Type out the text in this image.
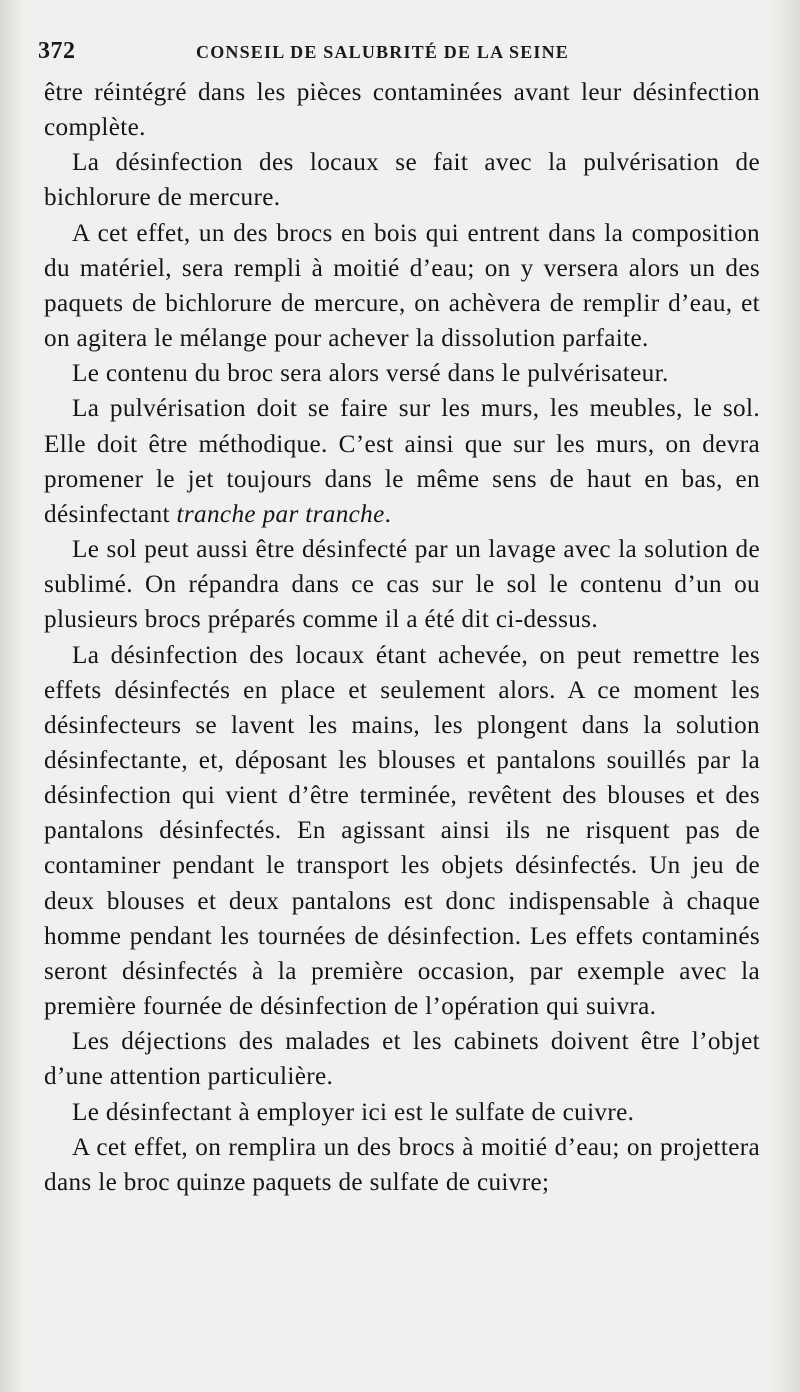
372	CONSEIL DE SALUBRITÉ DE LA SEINE

être réintégré dans les pièces contaminées avant leur désinfection complète.

La désinfection des locaux se fait avec la pulvérisation de bichlorure de mercure.

A cet effet, un des brocs en bois qui entrent dans la composition du matériel, sera rempli à moitié d’eau; on y versera alors un des paquets de bichlorure de mercure, on achèvera de remplir d’eau, et on agitera le mélange pour achever la dissolution parfaite.

Le contenu du broc sera alors versé dans le pulvérisateur.

La pulvérisation doit se faire sur les murs, les meubles, le sol. Elle doit être méthodique. C’est ainsi que sur les murs, on devra promener le jet toujours dans le même sens de haut en bas, en désinfectant tranche par tranche.

Le sol peut aussi être désinfecté par un lavage avec la solution de sublimé. On répandra dans ce cas sur le sol le contenu d’un ou plusieurs brocs préparés comme il a été dit ci-dessus.

La désinfection des locaux étant achevée, on peut remettre les effets désinfectés en place et seulement alors. A ce moment les désinfecteurs se lavent les mains, les plongent dans la solution désinfectante, et, déposant les blouses et pantalons souillés par la désinfection qui vient d’être terminée, revêtent des blouses et des pantalons désinfectés. En agissant ainsi ils ne risquent pas de contaminer pendant le transport les objets désinfectés. Un jeu de deux blouses et deux pantalons est donc indispensable à chaque homme pendant les tournées de désinfection. Les effets contaminés seront désinfectés à la première occasion, par exemple avec la première fournée de désinfection de l’opération qui suivra.

Les déjections des malades et les cabinets doivent être l’objet d’une attention particulière.

Le désinfectant à employer ici est le sulfate de cuivre.

A cet effet, on remplira un des brocs à moitié d’eau; on projettera dans le broc quinze paquets de sulfate de cuivre;
